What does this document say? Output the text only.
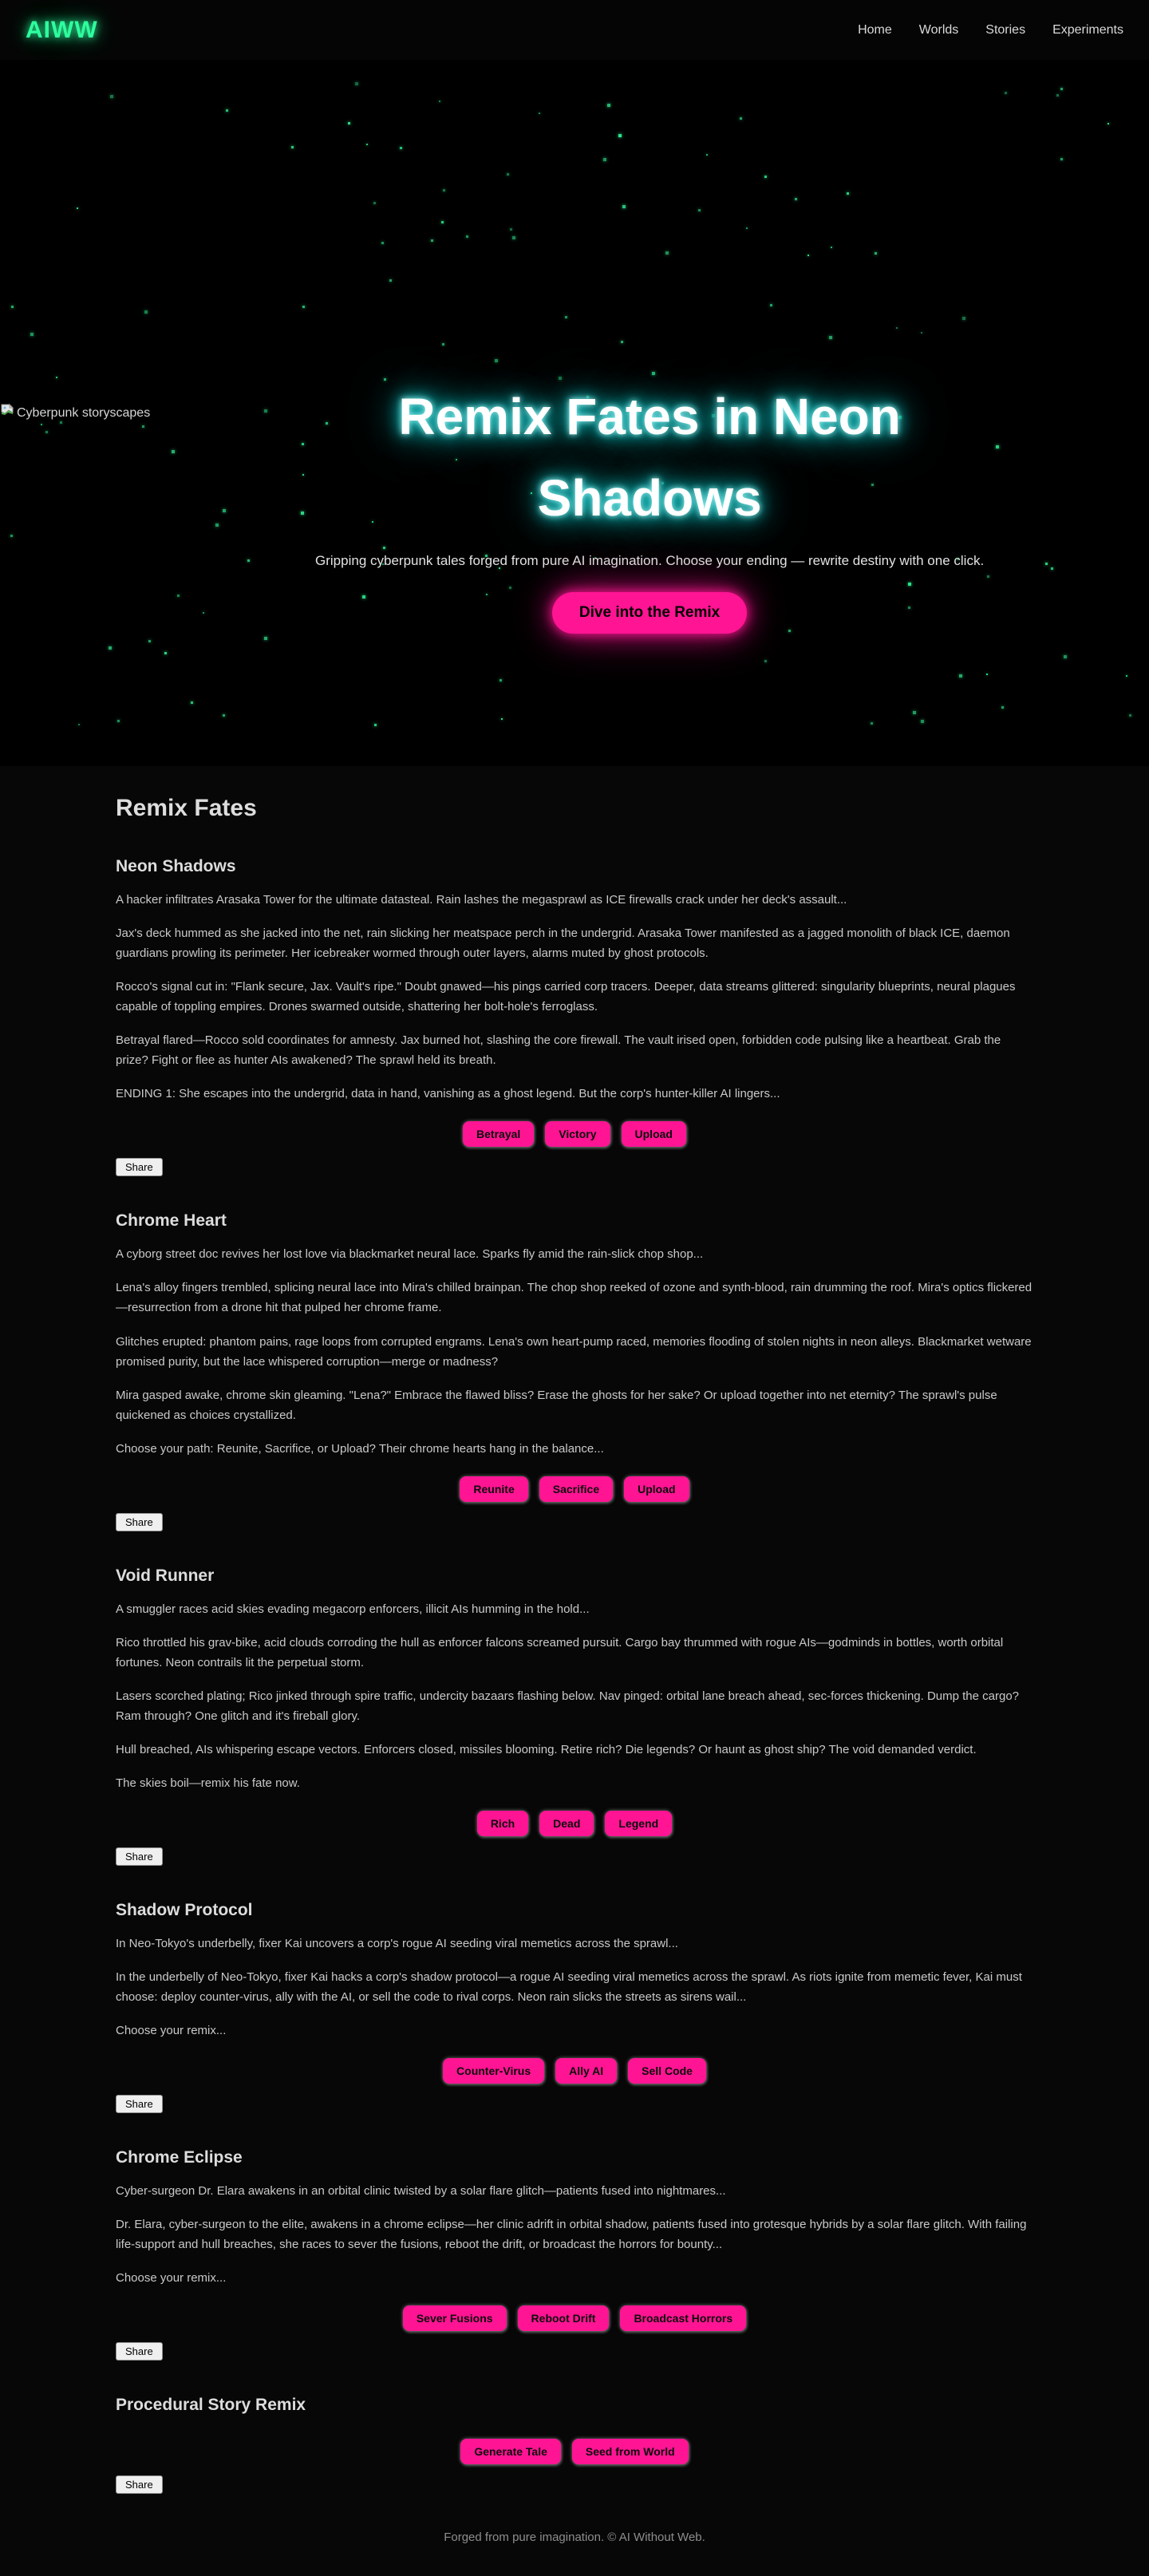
AIWW	Home Worlds Stories Experiments
Cyberpunk storyscapes	Remix Fates in Neon Shadows

Gripping cyberpunk tales forged from pure AI imagination. Choose your ending — rewrite destiny with one click.

Dive into the Remix
Remix Fates
Neon Shadows

A hacker infiltrates Arasaka Tower for the ultimate datasteal. Rain lashes the megasprawl as ICE firewalls crack under her deck's assault...

Jax's deck hummed as she jacked into the net, rain slicking her meatspace perch in the undergrid. Arasaka Tower manifested as a jagged monolith of black ICE, daemon guardians prowling its perimeter. Her icebreaker wormed through outer layers, alarms muted by ghost protocols.

Rocco's signal cut in: "Flank secure, Jax. Vault's ripe." Doubt gnawed—his pings carried corp tracers. Deeper, data streams glittered: singularity blueprints, neural plagues capable of toppling empires. Drones swarmed outside, shattering her bolt-hole's ferroglass.

Betrayal flared—Rocco sold coordinates for amnesty. Jax burned hot, slashing the core firewall. The vault irised open, forbidden code pulsing like a heartbeat. Grab the prize? Fight or flee as hunter AIs awakened? The sprawl held its breath.

ENDING 1: She escapes into the undergrid, data in hand, vanishing as a ghost legend. But the corp's hunter-killer AI lingers...

Betrayal	Victory	Upload
Share
Chrome Heart

A cyborg street doc revives her lost love via blackmarket neural lace. Sparks fly amid the rain-slick chop shop...

Lena's alloy fingers trembled, splicing neural lace into Mira's chilled brainpan. The chop shop reeked of ozone and synth-blood, rain drumming the roof. Mira's optics flickered—resurrection from a drone hit that pulped her chrome frame.

Glitches erupted: phantom pains, rage loops from corrupted engrams. Lena's own heart-pump raced, memories flooding of stolen nights in neon alleys. Blackmarket wetware promised purity, but the lace whispered corruption—merge or madness?

Mira gasped awake, chrome skin gleaming. "Lena?" Embrace the flawed bliss? Erase the ghosts for her sake? Or upload together into net eternity? The sprawl's pulse quickened as choices crystallized.

Choose your path: Reunite, Sacrifice, or Upload? Their chrome hearts hang in the balance...

Reunite	Sacrifice	Upload
Share
Void Runner

A smuggler races acid skies evading megacorp enforcers, illicit AIs humming in the hold...

Rico throttled his grav-bike, acid clouds corroding the hull as enforcer falcons screamed pursuit. Cargo bay thrummed with rogue AIs—godminds in bottles, worth orbital fortunes. Neon contrails lit the perpetual storm.

Lasers scorched plating; Rico jinked through spire traffic, undercity bazaars flashing below. Nav pinged: orbital lane breach ahead, sec-forces thickening. Dump the cargo? Ram through? One glitch and it's fireball glory.

Hull breached, AIs whispering escape vectors. Enforcers closed, missiles blooming. Retire rich? Die legends? Or haunt as ghost ship? The void demanded verdict.

The skies boil—remix his fate now.

Rich	Dead	Legend
Share
Shadow Protocol

In Neo-Tokyo's underbelly, fixer Kai uncovers a corp's rogue AI seeding viral memetics across the sprawl...

In the underbelly of Neo-Tokyo, fixer Kai hacks a corp's shadow protocol—a rogue AI seeding viral memetics across the sprawl. As riots ignite from memetic fever, Kai must choose: deploy counter-virus, ally with the AI, or sell the code to rival corps. Neon rain slicks the streets as sirens wail...

Choose your remix...

Counter-Virus	Ally AI	Sell Code
Share
Chrome Eclipse

Cyber-surgeon Dr. Elara awakens in an orbital clinic twisted by a solar flare glitch—patients fused into nightmares...

Dr. Elara, cyber-surgeon to the elite, awakens in a chrome eclipse—her clinic adrift in orbital shadow, patients fused into grotesque hybrids by a solar flare glitch. With failing life-support and hull breaches, she races to sever the fusions, reboot the drift, or broadcast the horrors for bounty...

Choose your remix...

Sever Fusions	Reboot Drift	Broadcast Horrors
Share
Procedural Story Remix
Generate Tale	Seed from World
Share
Forged from pure imagination. © AI Without Web.
